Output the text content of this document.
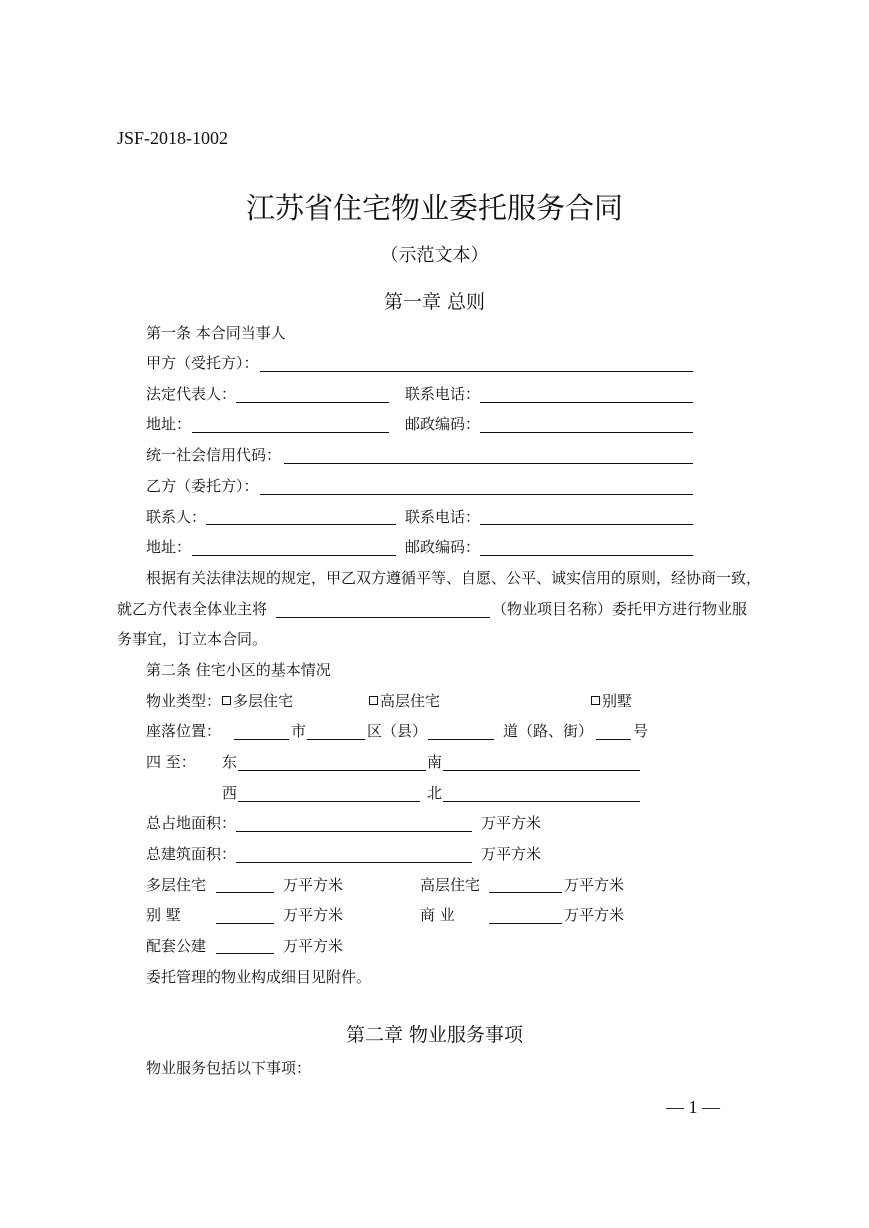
JSF-2018-1002
江苏省住宅物业委托服务合同
（示范文本）
第一章 总则
第一条 本合同当事人
甲方（受托方）：
法定代表人：	联系电话：
地址：	邮政编码：
统一社会信用代码：
乙方（委托方）：
联系人：	联系电话：
地址：	邮政编码：
根据有关法律法规的规定，甲乙双方遵循平等、自愿、公平、诚实信用的原则，经协商一致，
就乙方代表全体业主将	（物业项目名称）委托甲方进行物业服
务事宜，订立本合同。
第二条 住宅小区的基本情况
物业类型： 多层住宅	高层住宅	别墅
座落位置：	市	区（县）	道（路、街）	号
四 至： 东	南
西	北
总占地面积：	万平方米
总建筑面积：	万平方米
多层住宅	万平方米	高层住宅	万平方米
别 墅	万平方米	商 业	万平方米
配套公建	万平方米
委托管理的物业构成细目见附件。
第二章 物业服务事项
物业服务包括以下事项：
— 1 —
